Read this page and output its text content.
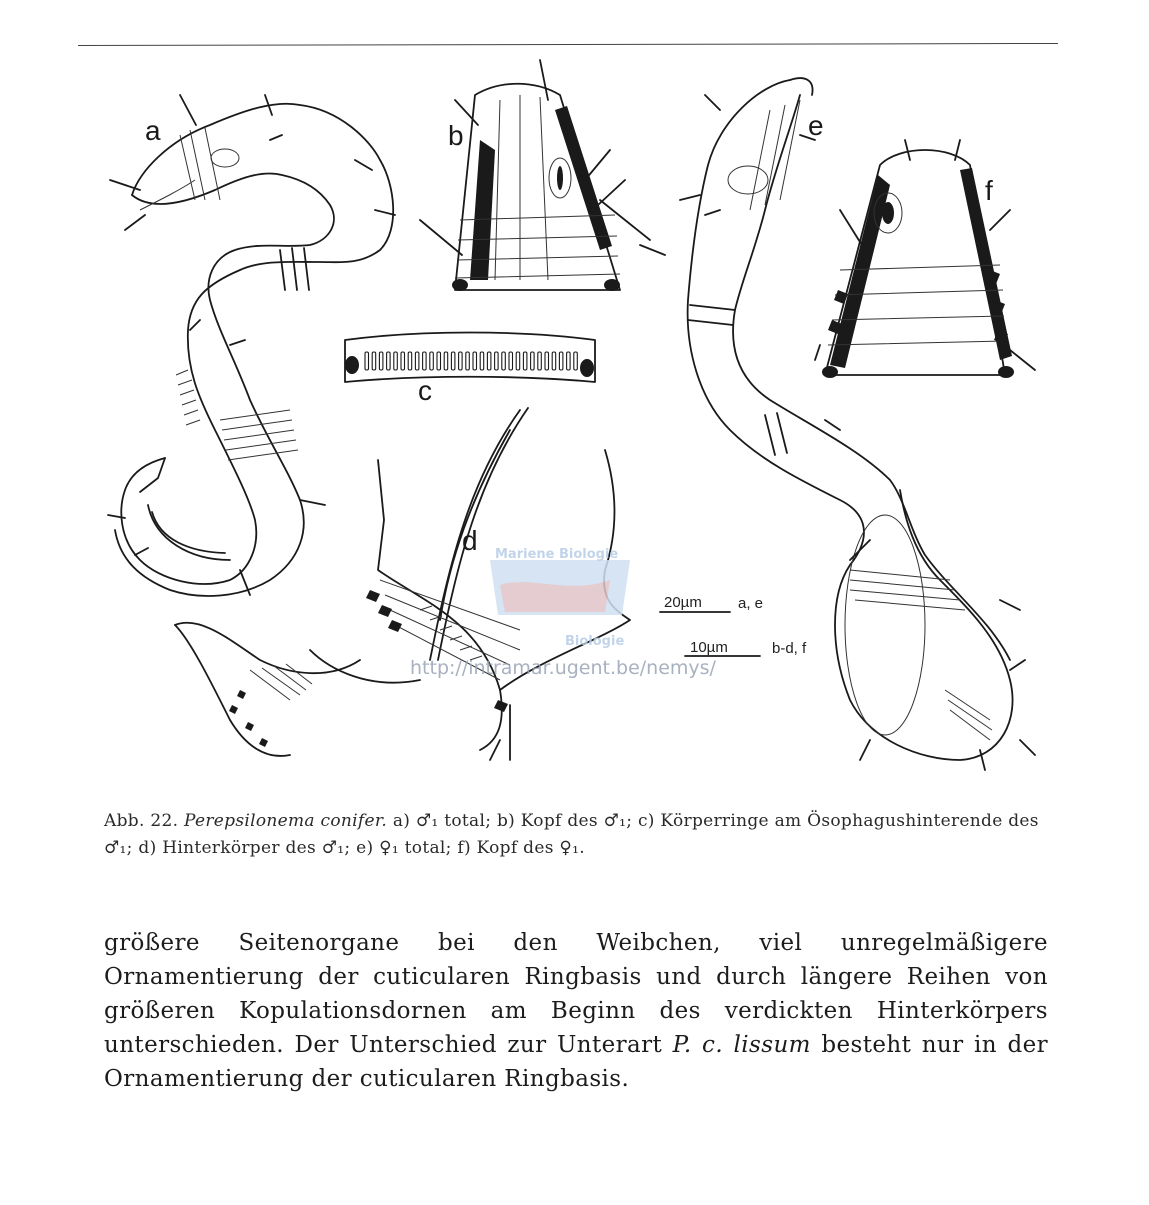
a	b
c
d
e
f
20µm a, e
10µm	b-d, f
Mariene Biologie
Biologie
http://intramar.ugent.be/nemys/
Abb. 22. Perepsilonema conifer. a) ♂₁ total; b) Kopf des ♂₁; c) Körperringe am Ösophagushinterende des ♂₁; d) Hinterkörper des ♂₁; e) ♀₁ total; f) Kopf des ♀₁.
größere Seitenorgane bei den Weibchen, viel unregelmäßigere Ornamentierung der cuticularen Ringbasis und durch längere Reihen von größeren Kopulationsdornen am Beginn des verdickten Hinterkörpers unterschieden. Der Unterschied zur Unterart P. c. lissum besteht nur in der Ornamentierung der cuticularen Ringbasis.
